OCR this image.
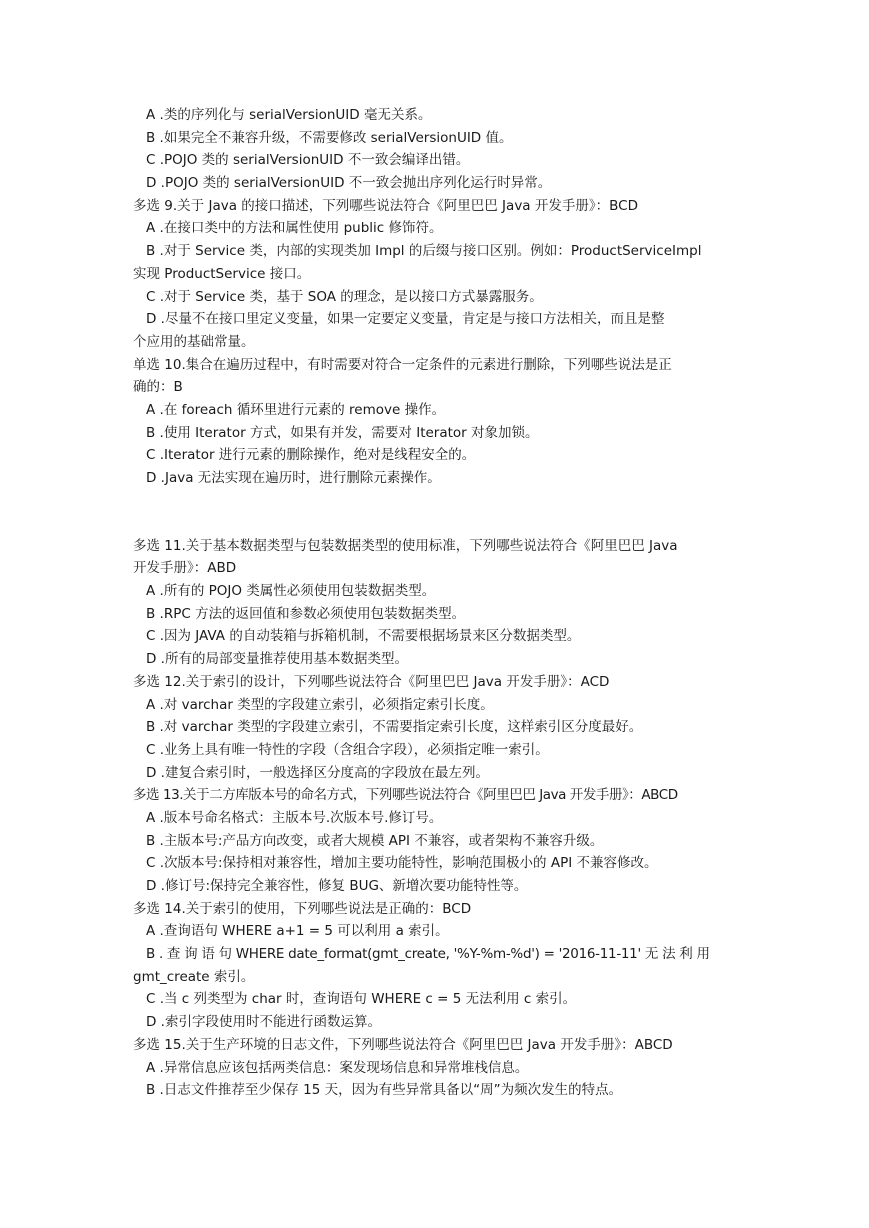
A .类的序列化与 serialVersionUID 毫无关系。
B .如果完全不兼容升级，不需要修改 serialVersionUID 值。
C .POJO 类的 serialVersionUID 不一致会编译出错。
D .POJO 类的 serialVersionUID 不一致会抛出序列化运行时异常。
多选 9.关于 Java 的接口描述，下列哪些说法符合《阿里巴巴 Java 开发手册》：BCD
A .在接口类中的方法和属性使用 public 修饰符。
B .对于 Service 类，内部的实现类加 Impl 的后缀与接口区别。例如：ProductServiceImpl
实现 ProductService 接口。
C .对于 Service 类，基于 SOA 的理念，是以接口方式暴露服务。
D .尽量不在接口里定义变量，如果一定要定义变量，肯定是与接口方法相关，而且是整
个应用的基础常量。
单选 10.集合在遍历过程中，有时需要对符合一定条件的元素进行删除，下列哪些说法是正
确的：B
A .在 foreach 循环里进行元素的 remove 操作。
B .使用 Iterator 方式，如果有并发，需要对 Iterator 对象加锁。
C .Iterator 进行元素的删除操作，绝对是线程安全的。
D .Java 无法实现在遍历时，进行删除元素操作。
多选 11.关于基本数据类型与包装数据类型的使用标准，下列哪些说法符合《阿里巴巴 Java
开发手册》：ABD
A .所有的 POJO 类属性必须使用包装数据类型。
B .RPC 方法的返回值和参数必须使用包装数据类型。
C .因为 JAVA 的自动装箱与拆箱机制，不需要根据场景来区分数据类型。
D .所有的局部变量推荐使用基本数据类型。
多选 12.关于索引的设计，下列哪些说法符合《阿里巴巴 Java 开发手册》：ACD
A .对 varchar 类型的字段建立索引，必须指定索引长度。
B .对 varchar 类型的字段建立索引，不需要指定索引长度，这样索引区分度最好。
C .业务上具有唯一特性的字段（含组合字段），必须指定唯一索引。
D .建复合索引时，一般选择区分度高的字段放在最左列。
多选 13.关于二方库版本号的命名方式，下列哪些说法符合《阿里巴巴 Java 开发手册》：ABCD
A .版本号命名格式：主版本号.次版本号.修订号。
B .主版本号:产品方向改变，或者大规模 API 不兼容，或者架构不兼容升级。
C .次版本号:保持相对兼容性，增加主要功能特性，影响范围极小的 API 不兼容修改。
D .修订号:保持完全兼容性，修复 BUG、新增次要功能特性等。
多选 14.关于索引的使用，下列哪些说法是正确的：BCD
A .查询语句 WHERE a+1 = 5 可以利用 a 索引。
B . 查 询 语 句 WHERE date_format(gmt_create, '%Y-%m-%d') = '2016-11-11' 无 法 利 用
gmt_create 索引。
C .当 c 列类型为 char 时，查询语句 WHERE c = 5 无法利用 c 索引。
D .索引字段使用时不能进行函数运算。
多选 15.关于生产环境的日志文件，下列哪些说法符合《阿里巴巴 Java 开发手册》：ABCD
A .异常信息应该包括两类信息：案发现场信息和异常堆栈信息。
B .日志文件推荐至少保存 15 天，因为有些异常具备以“周”为频次发生的特点。
